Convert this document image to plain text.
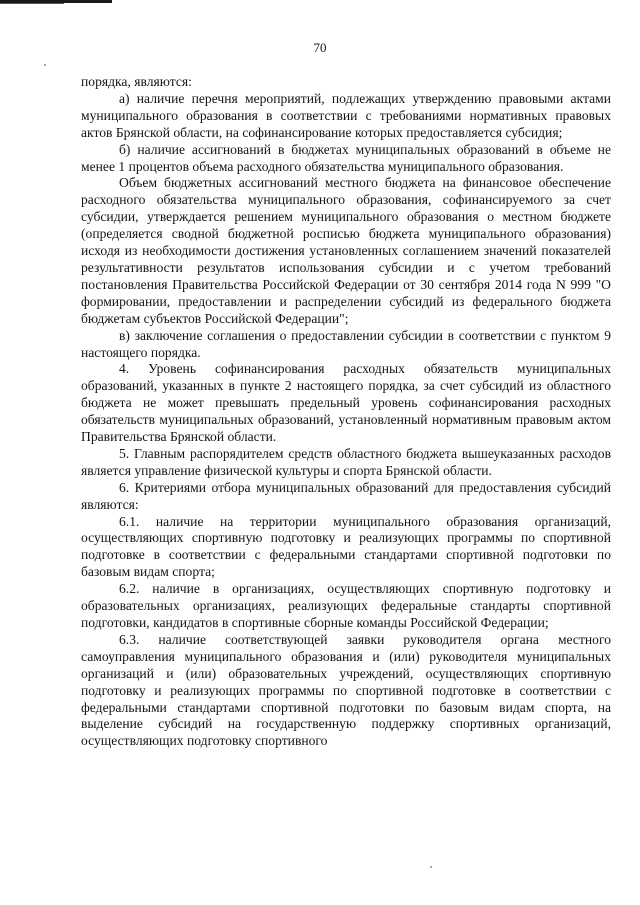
70

порядка, являются:

а) наличие перечня мероприятий, подлежащих утверждению правовыми актами муниципального образования в соответствии с требованиями нормативных правовых актов Брянской области, на софинансирование которых предоставляется субсидия;

б) наличие ассигнований в бюджетах муниципальных образований в объеме не менее 1 процентов объема расходного обязательства муниципального образования.

Объем бюджетных ассигнований местного бюджета на финансовое обеспечение расходного обязательства муниципального образования, софинансируемого за счет субсидии, утверждается решением муниципального образования о местном бюджете (определяется сводной бюджетной росписью бюджета муниципального образования) исходя из необходимости достижения установленных соглашением значений показателей результативности результатов использования субсидии и с учетом требований постановления Правительства Российской Федерации от 30 сентября 2014 года N 999 "О формировании, предоставлении и распределении субсидий из федерального бюджета бюджетам субъектов Российской Федерации";

в) заключение соглашения о предоставлении субсидии в соответствии с пунктом 9 настоящего порядка.

4. Уровень софинансирования расходных обязательств муниципальных образований, указанных в пункте 2 настоящего порядка, за счет субсидий из областного бюджета не может превышать предельный уровень софинансирования расходных обязательств муниципальных образований, установленный нормативным правовым актом Правительства Брянской области.

5. Главным распорядителем средств областного бюджета вышеуказанных расходов является управление физической культуры и спорта Брянской области.

6. Критериями отбора муниципальных образований для предоставления субсидий являются:

6.1. наличие на территории муниципального образования организаций, осуществляющих спортивную подготовку и реализующих программы по спортивной подготовке в соответствии с федеральными стандартами спортивной подготовки по базовым видам спорта;

6.2. наличие в организациях, осуществляющих спортивную подготовку и образовательных организациях, реализующих федеральные стандарты спортивной подготовки, кандидатов в спортивные сборные команды Российской Федерации;

6.3. наличие соответствующей заявки руководителя органа местного самоуправления муниципального образования и (или) руководителя муниципальных организаций и (или) образовательных учреждений, осуществляющих спортивную подготовку и реализующих программы по спортивной подготовке в соответствии с федеральными стандартами спортивной подготовки по базовым видам спорта, на выделение субсидий на государственную поддержку спортивных организаций, осуществляющих подготовку спортивного
